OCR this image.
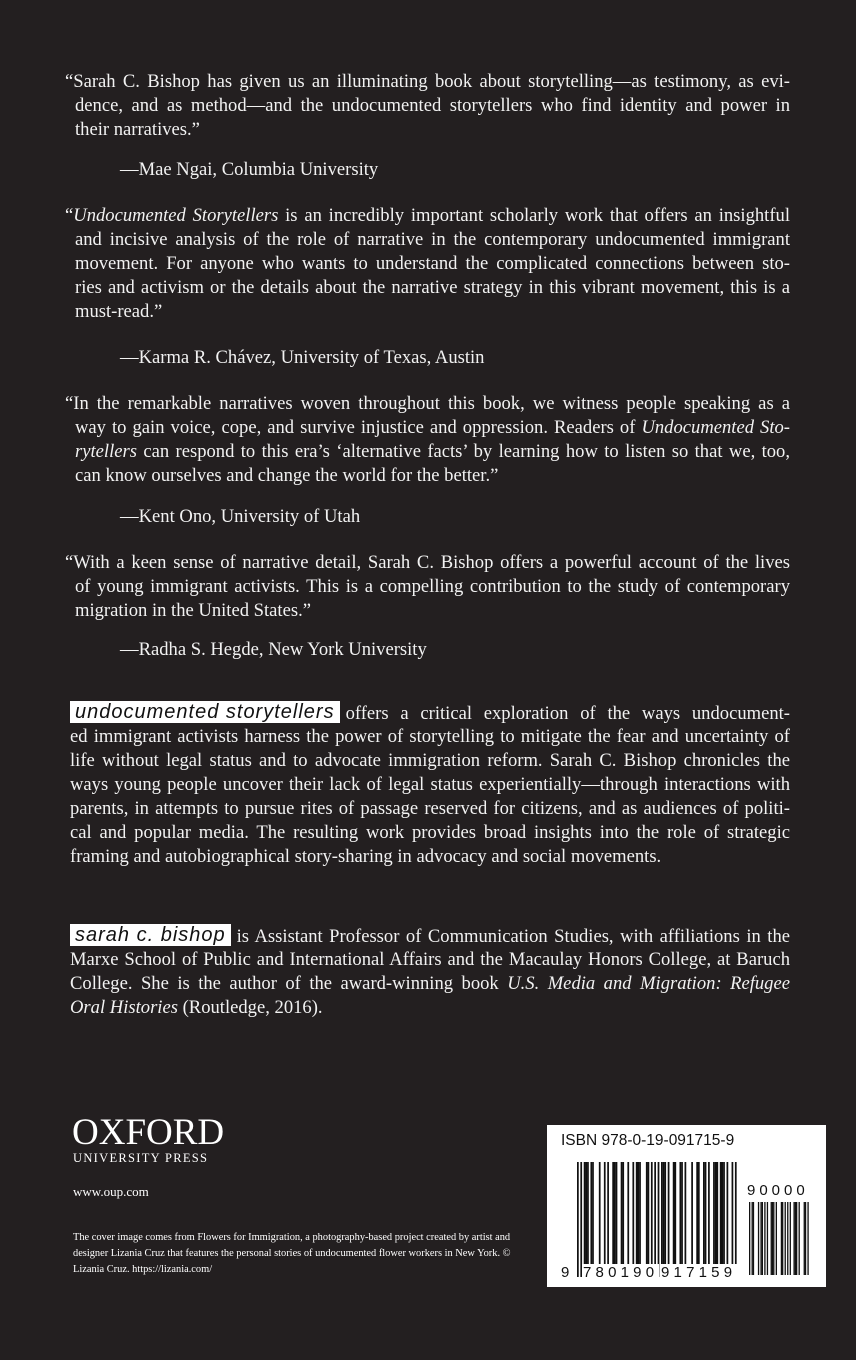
“Sarah C. Bishop has given us an illuminating book about storytelling—as testimony, as evi-
dence, and as method—and the undocumented storytellers who find identity and power in
their narratives.”
—Mae Ngai, Columbia University
“Undocumented Storytellers is an incredibly important scholarly work that offers an insightful
and incisive analysis of the role of narrative in the contemporary undocumented immigrant
movement. For anyone who wants to understand the complicated connections between sto-
ries and activism or the details about the narrative strategy in this vibrant movement, this is a
must-read.”
—Karma R. Chávez, University of Texas, Austin
“In the remarkable narratives woven throughout this book, we witness people speaking as a
way to gain voice, cope, and survive injustice and oppression. Readers of Undocumented Sto-
rytellers can respond to this era’s ‘alternative facts’ by learning how to listen so that we, too,
can know ourselves and change the world for the better.”
—Kent Ono, University of Utah
“With a keen sense of narrative detail, Sarah C. Bishop offers a powerful account of the lives
of young immigrant activists. This is a compelling contribution to the study of contemporary
migration in the United States.”
—Radha S. Hegde, New York University
undocumented storytellers offers a critical exploration of the ways undocument-
ed immigrant activists harness the power of storytelling to mitigate the fear and uncertainty of
life without legal status and to advocate immigration reform. Sarah C. Bishop chronicles the
ways young people uncover their lack of legal status experientially—through interactions with
parents, in attempts to pursue rites of passage reserved for citizens, and as audiences of politi-
cal and popular media. The resulting work provides broad insights into the role of strategic
framing and autobiographical story-sharing in advocacy and social movements.
sarah c. bishop is Assistant Professor of Communication Studies, with affiliations in the
Marxe School of Public and International Affairs and the Macaulay Honors College, at Baruch
College. She is the author of the award-winning book U.S. Media and Migration: Refugee
Oral Histories (Routledge, 2016).
OXFORD
UNIVERSITY PRESS
www.oup.com
The cover image comes from Flowers for Immigration, a photography-based project created by artist and designer Lizania Cruz that features the personal stories of undocumented flower workers in New York. © Lizania Cruz. https://lizania.com/
ISBN 978-0-19-091715-9
90000
9 780190 917159
